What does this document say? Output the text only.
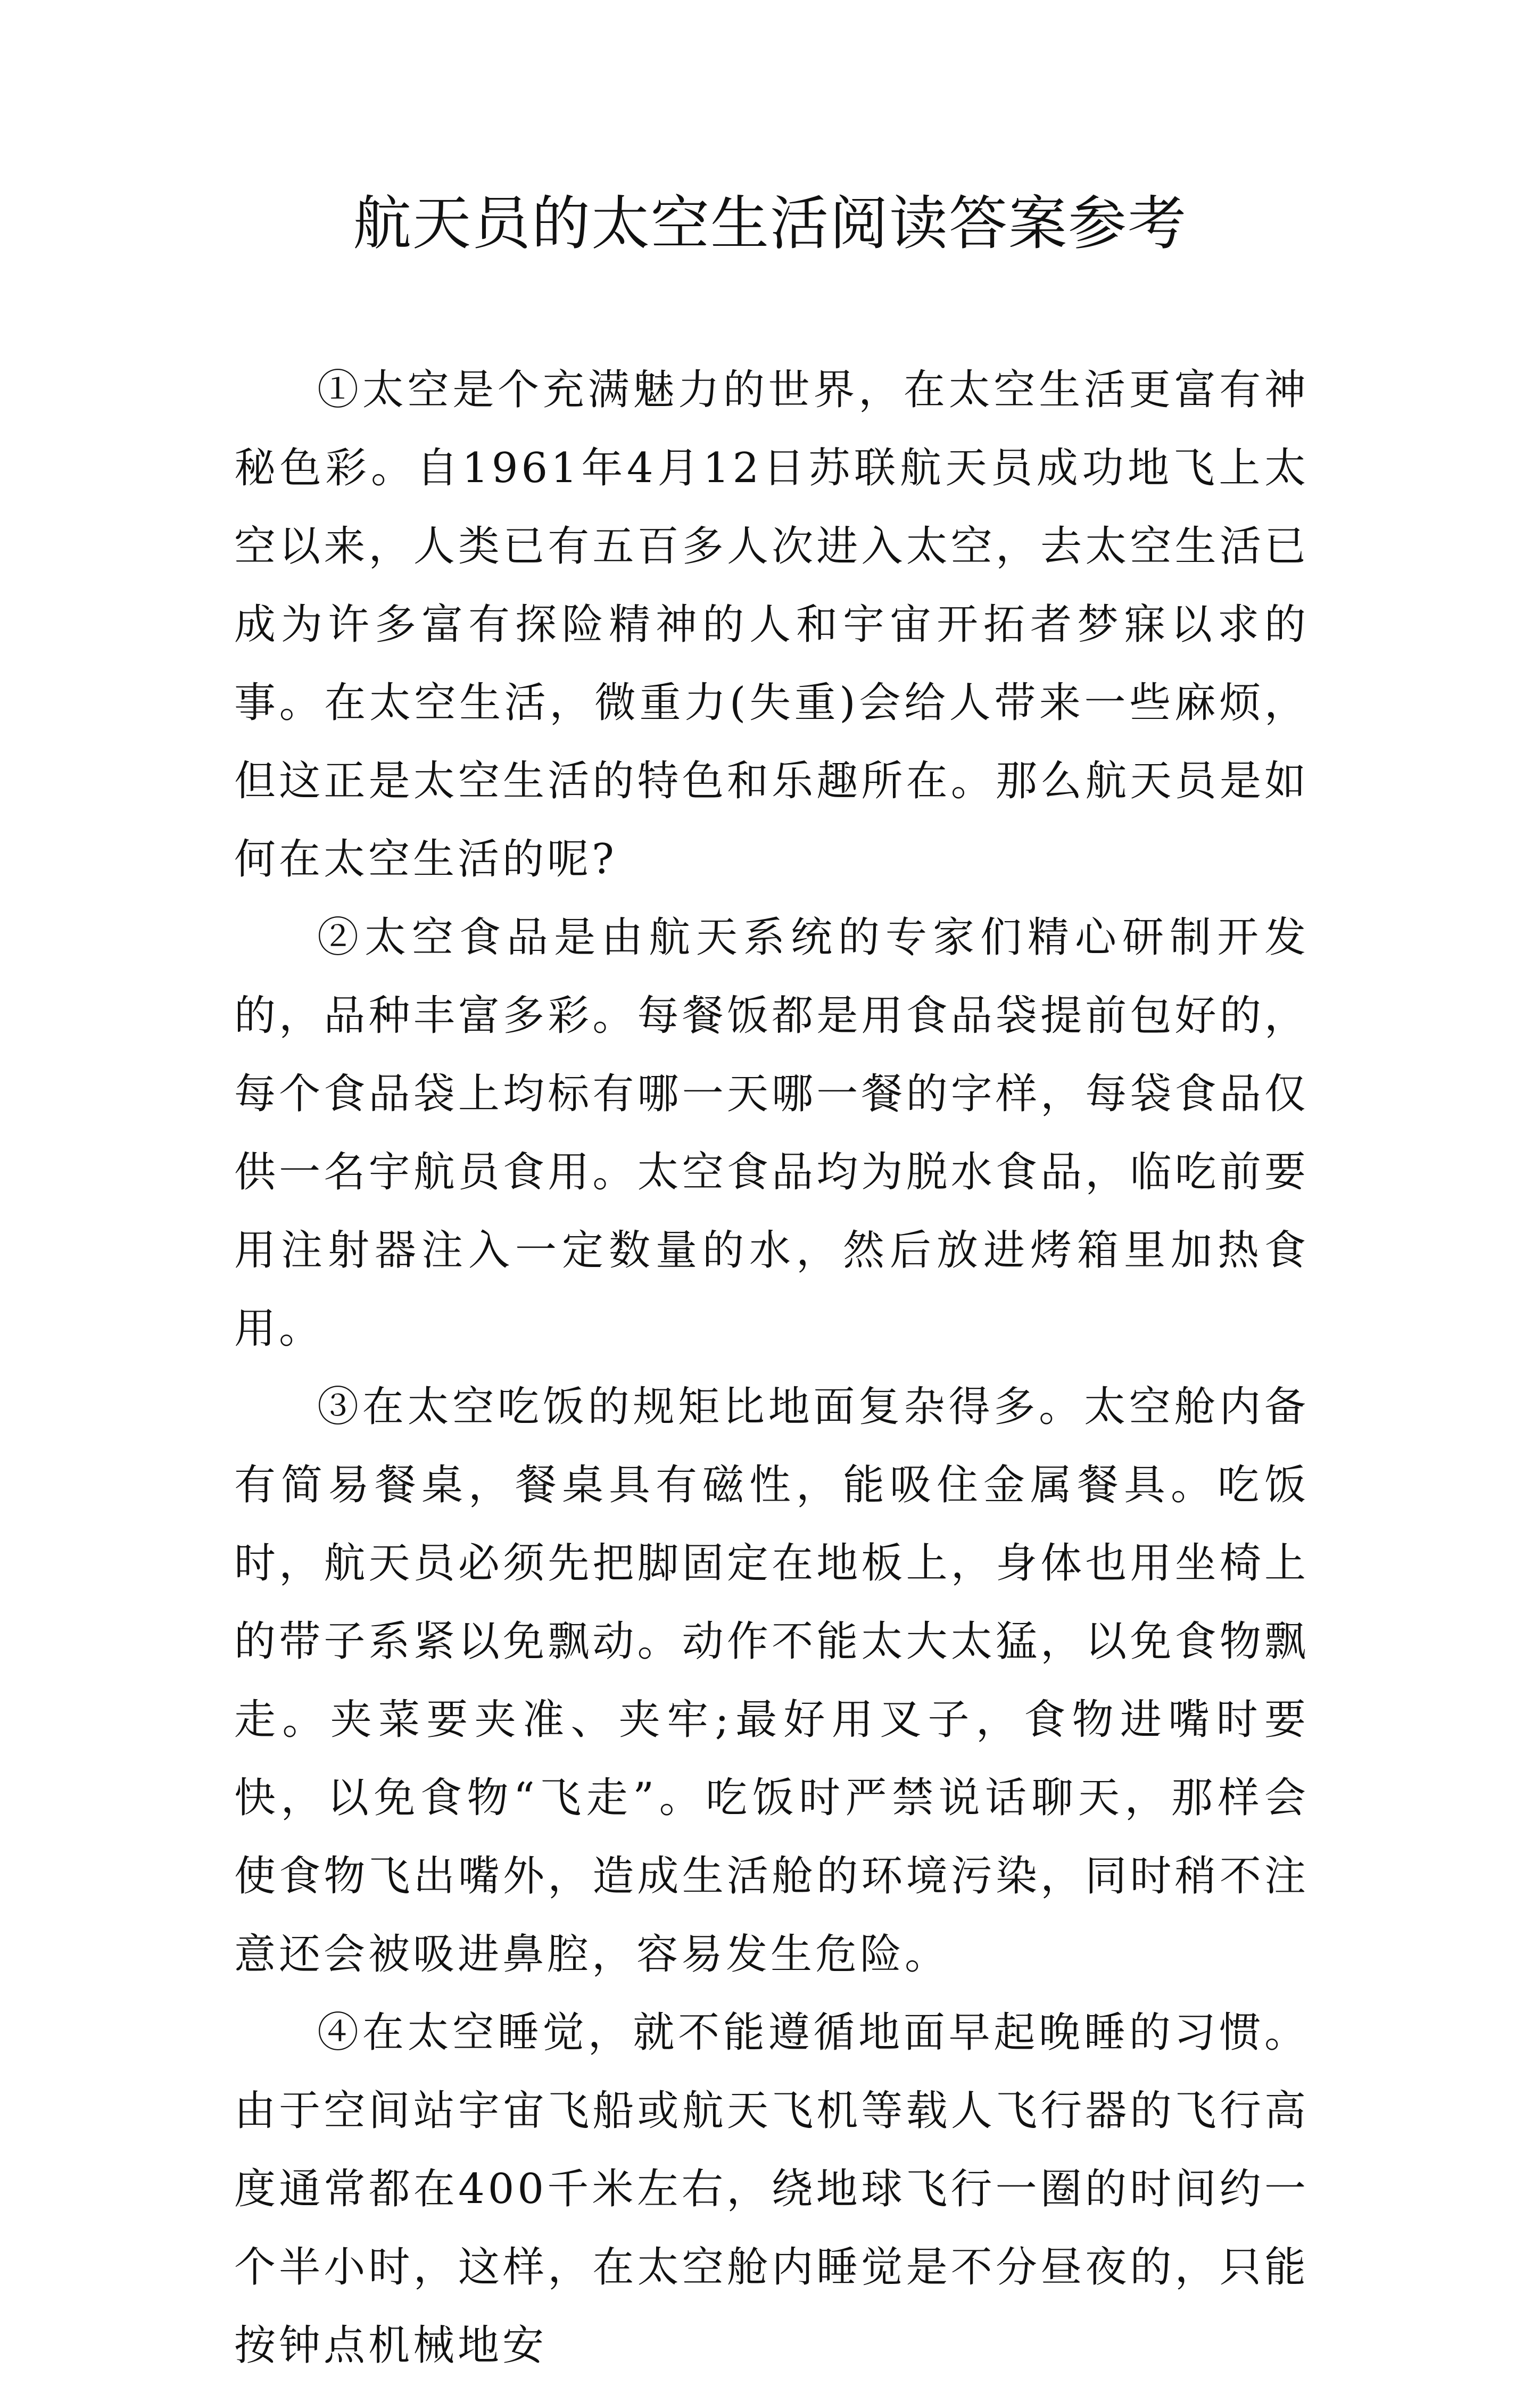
航天员的太空生活阅读答案参考

①太空是个充满魅力的世界，在太空生活更富有神秘色彩。自1961年4月12日苏联航天员成功地飞上太空以来，人类已有五百多人次进入太空，去太空生活已成为许多富有探险精神的人和宇宙开拓者梦寐以求的事。在太空生活，微重力(失重)会给人带来一些麻烦，但这正是太空生活的特色和乐趣所在。那么航天员是如何在太空生活的呢?

②太空食品是由航天系统的专家们精心研制开发的，品种丰富多彩。每餐饭都是用食品袋提前包好的，每个食品袋上均标有哪一天哪一餐的字样，每袋食品仅供一名宇航员食用。太空食品均为脱水食品，临吃前要用注射器注入一定数量的水，然后放进烤箱里加热食用。

③在太空吃饭的规矩比地面复杂得多。太空舱内备有简易餐桌，餐桌具有磁性，能吸住金属餐具。吃饭时，航天员必须先把脚固定在地板上，身体也用坐椅上的带子系紧以免飘动。动作不能太大太猛，以免食物飘走。夹菜要夹准、夹牢;最好用叉子，食物进嘴时要快，以免食物“飞走”。吃饭时严禁说话聊天，那样会使食物飞出嘴外，造成生活舱的环境污染，同时稍不注意还会被吸进鼻腔，容易发生危险。

④在太空睡觉，就不能遵循地面早起晚睡的习惯。由于空间站宇宙飞船或航天飞机等载人飞行器的飞行高度通常都在400千米左右，绕地球飞行一圈的时间约一个半小时，这样，在太空舱内睡觉是不分昼夜的，只能按钟点机械地安
